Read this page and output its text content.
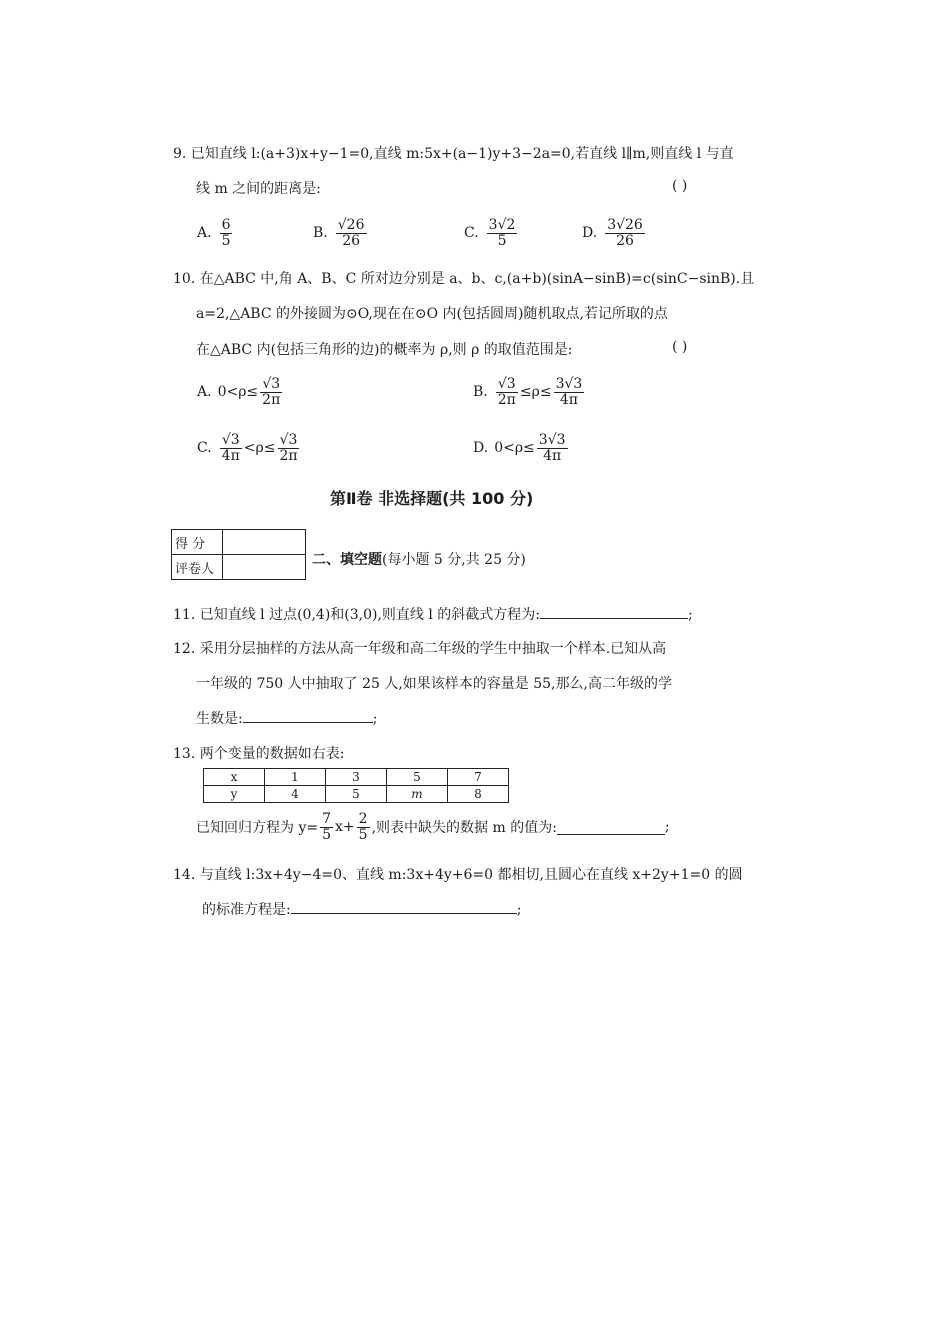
9. 已知直线 l:(a+3)x+y−1=0,直线 m:5x+(a−1)y+3−2a=0,若直线 l∥m,则直线 l 与直
线 m 之间的距离是:	( )
A. $\frac{6}{5}$	B. $\frac{√26}{26}$	C. $\frac{3√2}{5}$	D. $\frac{3√26}{26}$
10. 在△ABC 中,角 A、B、C 所对边分别是 a、b、c,(a+b)(sinA−sinB)=c(sinC−sinB).且
a=2,△ABC 的外接圆为⊙O,现在在⊙O 内(包括圆周)随机取点,若记所取的点
在△ABC 内(包括三角形的边)的概率为 ρ,则 ρ 的取值范围是:	( )
A. $0<\rho\le \frac{√3}{2\pi}$	B. $\frac{√3}{2\pi} \le\rho\le \frac{3√3}{4\pi}$
C. $\frac{√3}{4\pi} <\rho\le \frac{√3}{2\pi}$	D. $0<\rho\le \frac{3√3}{4\pi}$
第Ⅱ卷 非选择题(共 100 分)
得 分	
评卷人	
二、填空题(每小题 5 分,共 25 分)
11. 已知直线 l 过点(0,4)和(3,0),则直线 l 的斜截式方程为:	;
12. 采用分层抽样的方法从高一年级和高二年级的学生中抽取一个样本.已知从高
一年级的 750 人中抽取了 25 人,如果该样本的容量是 55,那么,高二年级的学
生数是:	;
13. 两个变量的数据如右表:
x	1	3	5	7
y	4	5	m	8
已知回归方程为 $y= \frac{7}{5} x+ \frac{2}{5}$ ,则表中缺失的数据 m 的值为:	;
14. 与直线 l:3x+4y−4=0、直线 m:3x+4y+6=0 都相切,且圆心在直线 x+2y+1=0 的圆
的标准方程是:	;
